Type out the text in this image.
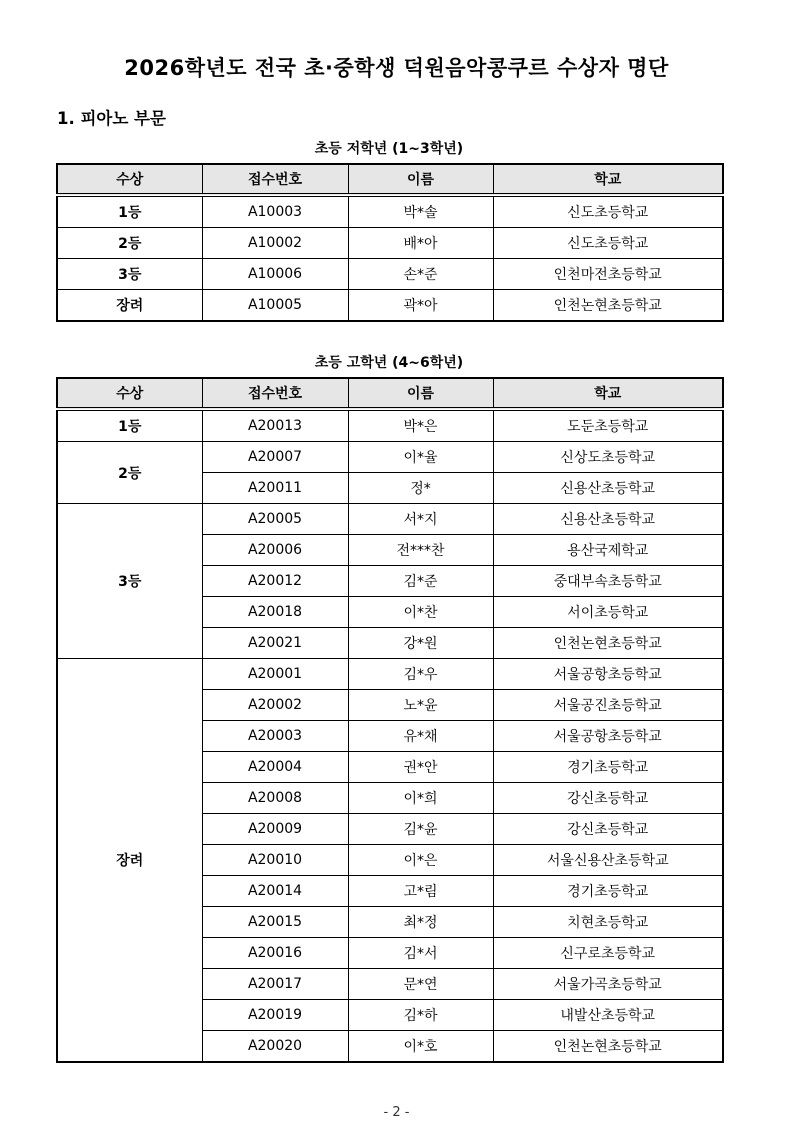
2026학년도 전국 초·중학생 덕원음악콩쿠르 수상자 명단
1. 피아노 부문
초등 저학년 (1~3학년)
수상	접수번호	이름	학교
1등	A10003	박*솔	신도초등학교
2등	A10002	배*아	신도초등학교
3등	A10006	손*준	인천마전초등학교
장려	A10005	곽*아	인천논현초등학교
초등 고학년 (4~6학년)
수상	접수번호	이름	학교
1등	A20013	박*은	도둔초등학교
2등	A20007	이*율	신상도초등학교
	A20011	정*	신용산초등학교
3등	A20005	서*지	신용산초등학교
	A20006	전***찬	용산국제학교
	A20012	김*준	중대부속초등학교
	A20018	이*찬	서이초등학교
	A20021	강*원	인천논현초등학교
장려	A20001	김*우	서울공항초등학교
	A20002	노*윤	서울공진초등학교
	A20003	유*채	서울공항초등학교
	A20004	권*안	경기초등학교
	A20008	이*희	강신초등학교
	A20009	김*윤	강신초등학교
	A20010	이*은	서울신용산초등학교
	A20014	고*림	경기초등학교
	A20015	최*정	치현초등학교
	A20016	김*서	신구로초등학교
	A20017	문*연	서울가곡초등학교
	A20019	김*하	내발산초등학교
	A20020	이*호	인천논현초등학교
- 2 -
